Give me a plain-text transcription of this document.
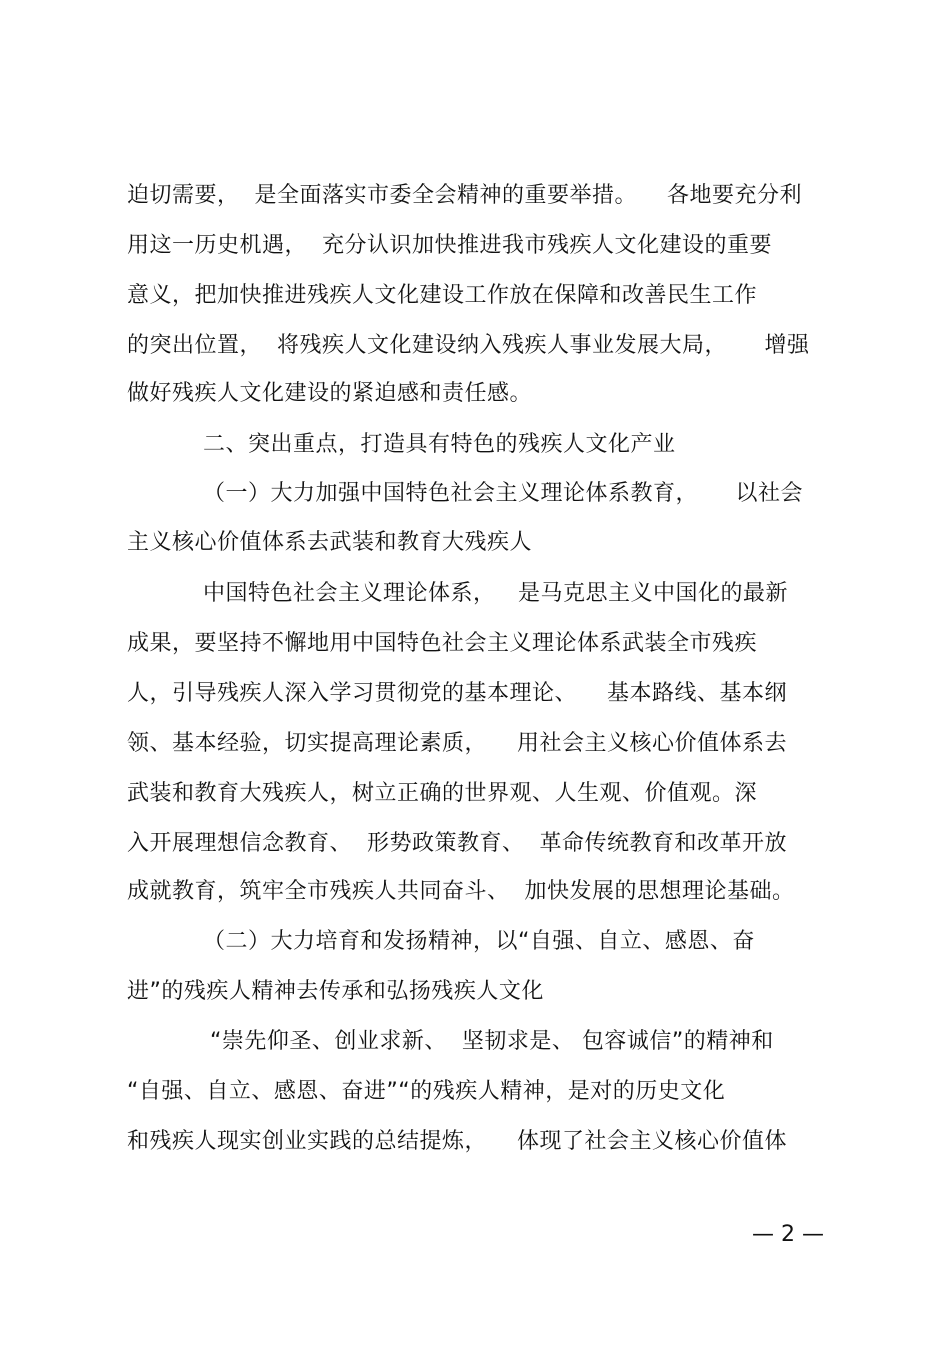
迫切需要，  是全面落实市委全会精神的重要举措。    各地要充分利
用这一历史机遇，  充分认识加快推进我市残疾人文化建设的重要
意义，把加快推进残疾人文化建设工作放在保障和改善民生工作
的突出位置，  将残疾人文化建设纳入残疾人事业发展大局，     增强
做好残疾人文化建设的紧迫感和责任感。
二、突出重点，打造具有特色的残疾人文化产业
（一）大力加强中国特色社会主义理论体系教育，     以社会
主义核心价值体系去武装和教育大残疾人
中国特色社会主义理论体系，   是马克思主义中国化的最新
成果，要坚持不懈地用中国特色社会主义理论体系武装全市残疾
人，引导残疾人深入学习贯彻党的基本理论、    基本路线、基本纲
领、基本经验，切实提高理论素质，    用社会主义核心价值体系去
武装和教育大残疾人，树立正确的世界观、人生观、价值观。深
入开展理想信念教育、  形势政策教育、  革命传统教育和改革开放
成就教育，筑牢全市残疾人共同奋斗、  加快发展的思想理论基础。
（二）大力培育和发扬精神，以“自强、自立、感恩、奋
进”的残疾人精神去传承和弘扬残疾人文化
“崇先仰圣、创业求新、  坚韧求是、 包容诚信”的精神和
“自强、自立、感恩、奋进”“的残疾人精神，是对的历史文化
和残疾人现实创业实践的总结提炼，    体现了社会主义核心价值体
— 2 —
